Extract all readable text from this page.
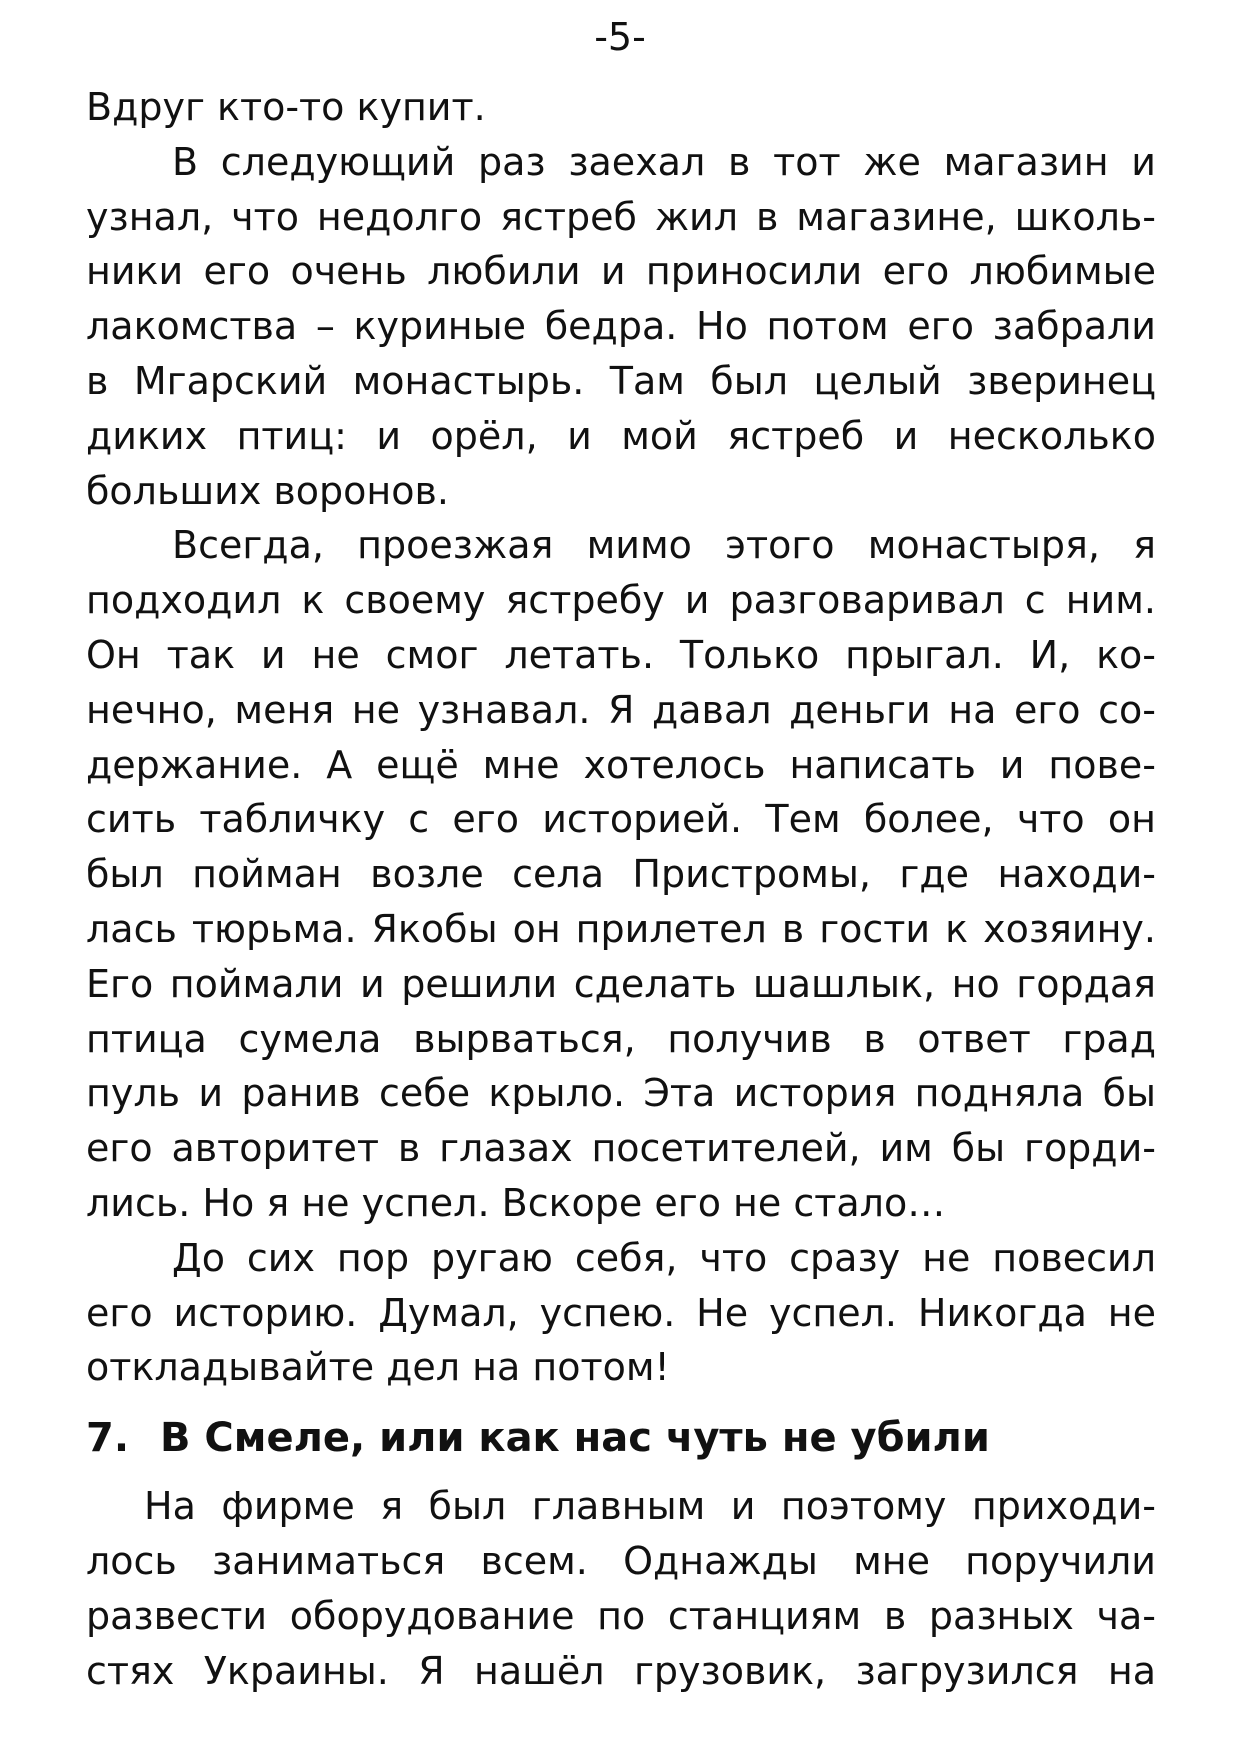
-5-
Вдруг кто-то купит.
В следующий раз заехал в тот же магазин и
узнал, что недолго ястреб жил в магазине, школь-
ники его очень любили и приносили его любимые
лакомства – куриные бедра. Но потом его забрали
в Мгарский монастырь. Там был целый зверинец
диких птиц: и орёл, и мой ястреб и несколько
больших воронов.
Всегда, проезжая мимо этого монастыря, я
подходил к своему ястребу и разговаривал с ним.
Он так и не смог летать. Только прыгал. И, ко-
нечно, меня не узнавал. Я давал деньги на его со-
держание. А ещё мне хотелось написать и пове-
сить табличку с его историей. Тем более, что он
был пойман возле села Пристромы, где находи-
лась тюрьма. Якобы он прилетел в гости к хозяину.
Его поймали и решили сделать шашлык, но гордая
птица сумела вырваться, получив в ответ град
пуль и ранив себе крыло. Эта история подняла бы
его авторитет в глазах посетителей, им бы горди-
лись. Но я не успел. Вскоре его не стало…
До сих пор ругаю себя, что сразу не повесил
его историю. Думал, успею. Не успел. Никогда не
откладывайте дел на потом!
7. В Смеле, или как нас чуть не убили
На фирме я был главным и поэтому приходи-
лось заниматься всем. Однажды мне поручили
развести оборудование по станциям в разных ча-
стях Украины. Я нашёл грузовик, загрузился на
